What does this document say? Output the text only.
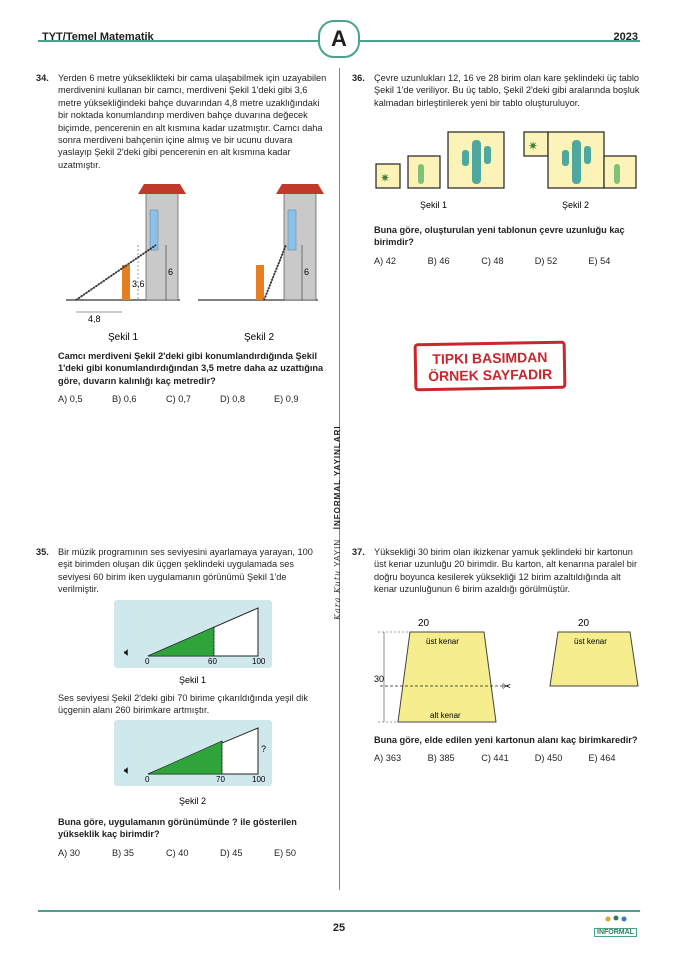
TYT/Temel Matematik	2023
A
Kara Kutu YAYIN   İNFORMAL YAYINLARI
34. Yerden 6 metre yükseklikteki bir cama ulaşabilmek için uzayabilen merdivenini kullanan bir camcı, merdiveni Şekil 1'deki gibi 3,6 metre yüksekliğindeki bahçe duvarından 4,8 metre uzaklığındaki bir noktada konumlandırıp merdiven bahçe duvarına değecek biçimde, pencerenin en alt kısmına kadar uzatmıştır. Camcı daha sonra merdiveni bahçenin içine almış ve bir ucunu duvara yaslayıp Şekil 2'deki gibi pencerenin en alt kısmına kadar uzatmıştır.

6
3,6
4,8
Şekil 1
6
Şekil 2

Camcı merdiveni Şekil 2'deki gibi konumlandırdığında Şekil 1'deki gibi konumlandırdığından 3,5 metre daha az uzattığına göre, duvarın kalınlığı kaç metredir?

A) 0,5	B) 0,6	C) 0,7	D) 0,8	E) 0,9
35. Bir müzik programının ses seviyesini ayarlamaya yarayan, 100 eşit birimden oluşan dik üçgen şeklindeki uygulamada ses seviyesi 60 birim iken uygulamanın görünümü Şekil 1'de verilmiştir.

🔈︎
0	60	100
Şekil 1

Ses seviyesi Şekil 2'deki gibi 70 birime çıkarıldığında yeşil dik üçgenin alanı 260 birimkare artmıştır.

🔈︎
0	70	100
?
Şekil 2

Buna göre, uygulamanın görünümünde ? ile gösterilen yükseklik kaç birimdir?

A) 30	B) 35	C) 40	D) 45	E) 50
36. Çevre uzunlukları 12, 16 ve 28 birim olan kare şeklindeki üç tablo Şekil 1'de veriliyor. Bu üç tablo, Şekil 2'deki gibi aralarında boşluk kalmadan birleştirilerek yeni bir tablo oluşturuluyor.

✷
Şekil 1
✷
Şekil 2

Buna göre, oluşturulan yeni tablonun çevre uzunluğu kaç birimdir?

A) 42	B) 46	C) 48	D) 52	E) 54
TIPKI BASIMDAN
ÖRNEK SAYFADIR
37. Yüksekliği 30 birim olan ikizkenar yamuk şeklindeki bir kartonun üst kenar uzunluğu 20 birimdir. Bu karton, alt kenarına paralel bir doğru boyunca kesilerek yüksekliği 12 birim azaltıldığında alt kenar uzunluğunun 6 birim azaldığı görülmüştür.

20
üst kenar
alt kenar
30
✂
20
üst kenar

Buna göre, elde edilen yeni kartonun alanı kaç birimkaredir?

A) 363	B) 385	C) 441	D) 450	E) 464
25	İNFORMAL
